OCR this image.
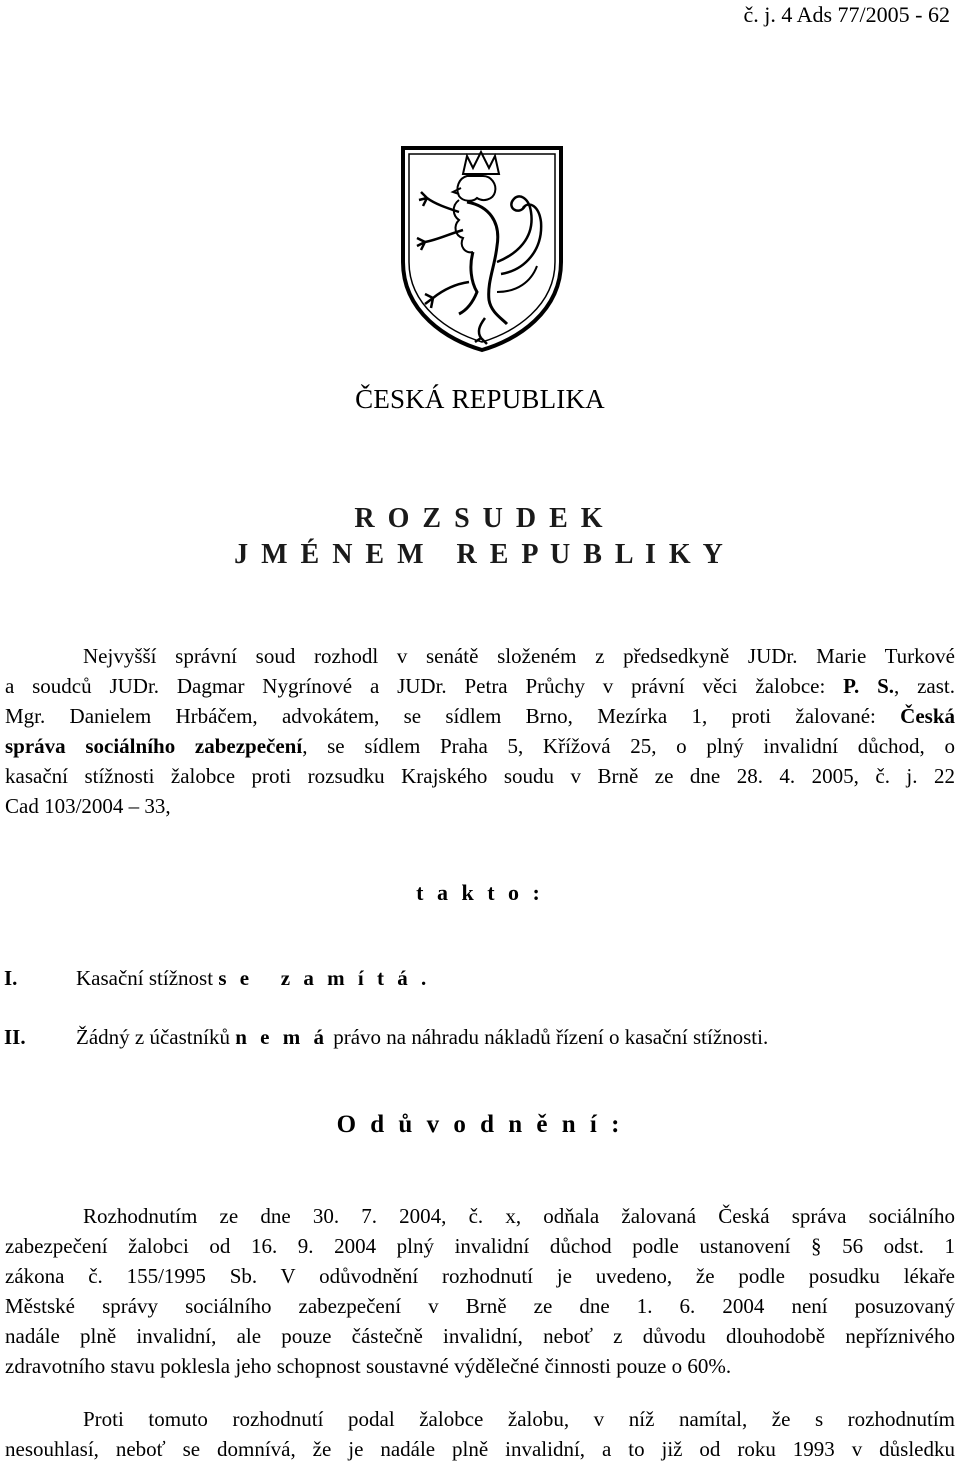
č. j. 4 Ads 77/2005 - 62
ČESKÁ REPUBLIKA
R O Z S U D E K
J M É N E M   R E P U B L I K Y
Nejvyšší správní soud rozhodl v senátě složeném z předsedkyně JUDr. Marie Turkové
a soudců JUDr. Dagmar Nygrínové a JUDr. Petra Průchy v právní věci žalobce: P. S., zast.
Mgr. Danielem Hrbáčem, advokátem, se sídlem Brno, Mezírka 1, proti žalované: Česká
správa sociálního zabezpečení, se sídlem Praha 5, Křížová 25, o plný invalidní důchod, o
kasační stížnosti žalobce proti rozsudku Krajského soudu v Brně ze dne 28. 4. 2005, č. j. 22
Cad 103/2004 – 33,
t a k t o :
I.	Kasační stížnost s e   z a m í t á .
II. Žádný z účastníků n e m á právo na náhradu nákladů řízení o kasační stížnosti.
O d ů v o d n ě n í :
Rozhodnutím ze dne 30. 7. 2004, č. x, odňala žalovaná Česká správa sociálního
zabezpečení žalobci od 16. 9. 2004 plný invalidní důchod podle ustanovení § 56 odst. 1
zákona č. 155/1995 Sb. V odůvodnění rozhodnutí je uvedeno, že podle posudku lékaře
Městské správy sociálního zabezpečení v Brně ze dne 1. 6. 2004 není posuzovaný
nadále plně invalidní, ale pouze částečně invalidní, neboť z důvodu dlouhodobě nepříznivého
zdravotního stavu poklesla jeho schopnost soustavné výdělečné činnosti pouze o 60%.
Proti tomuto rozhodnutí podal žalobce žalobu, v níž namítal, že s rozhodnutím
nesouhlasí, neboť se domnívá, že je nadále plně invalidní, a to již od roku 1993 v důsledku
